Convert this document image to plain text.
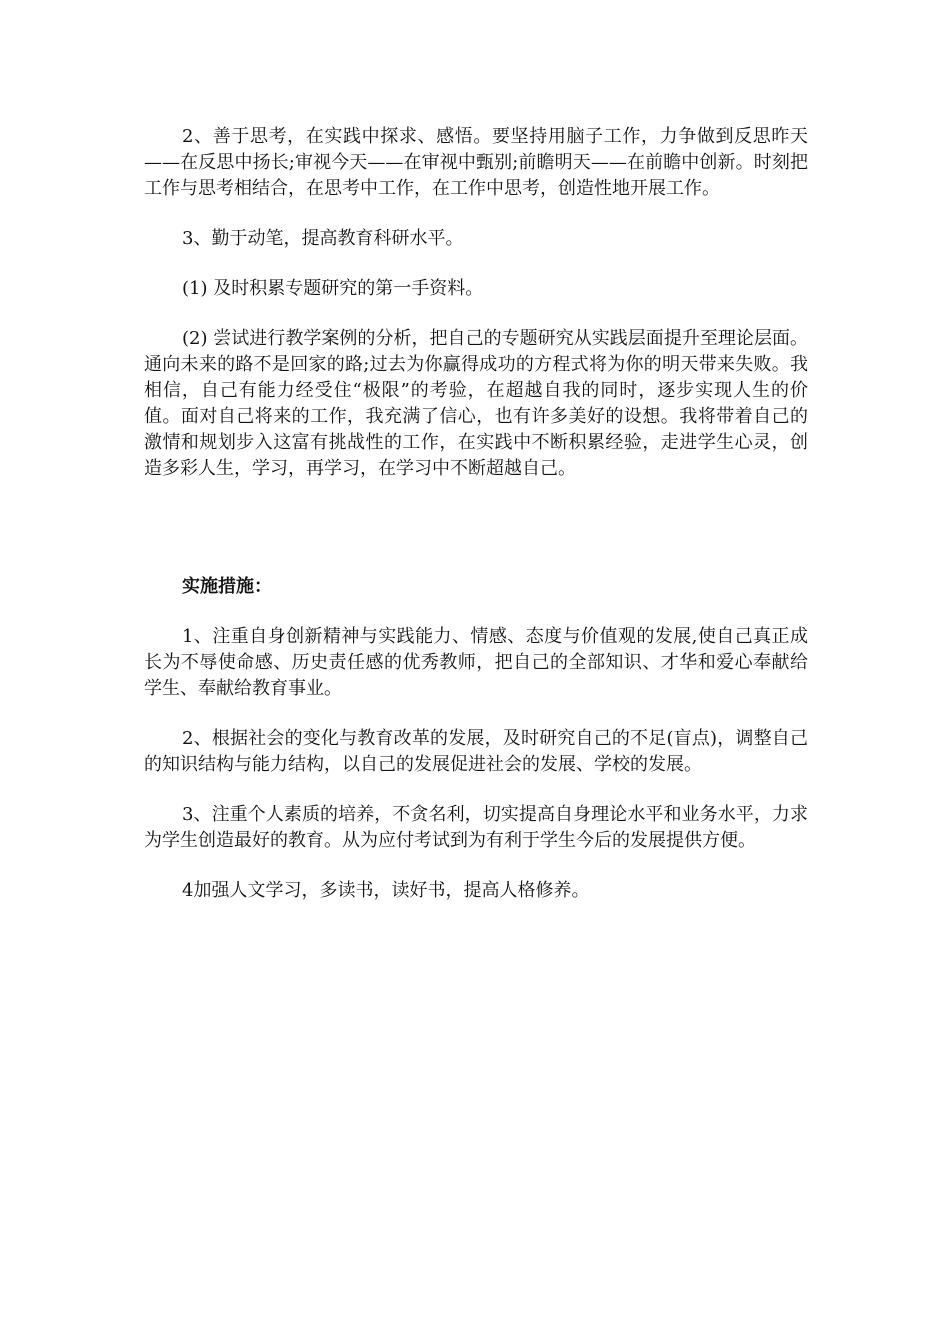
2、善于思考，在实践中探求、感悟。要坚持用脑子工作，力争做到反思昨天——在反思中扬长;审视今天——在审视中甄别;前瞻明天——在前瞻中创新。时刻把工作与思考相结合，在思考中工作，在工作中思考，创造性地开展工作。

3、勤于动笔，提高教育科研水平。

(1) 及时积累专题研究的第一手资料。

(2) 尝试进行教学案例的分析，把自己的专题研究从实践层面提升至理论层面。通向未来的路不是回家的路;过去为你赢得成功的方程式将为你的明天带来失败。我相信，自己有能力经受住“极限”的考验，在超越自我的同时，逐步实现人生的价值。面对自己将来的工作，我充满了信心，也有许多美好的设想。我将带着自己的激情和规划步入这富有挑战性的工作，在实践中不断积累经验，走进学生心灵，创造多彩人生，学习，再学习，在学习中不断超越自己。

实施措施：

1、注重自身创新精神与实践能力、情感、态度与价值观的发展,使自己真正成长为不辱使命感、历史责任感的优秀教师，把自己的全部知识、才华和爱心奉献给学生、奉献给教育事业。

2、根据社会的变化与教育改革的发展，及时研究自己的不足(盲点)，调整自己的知识结构与能力结构，以自己的发展促进社会的发展、学校的发展。

3、注重个人素质的培养，不贪名利，切实提高自身理论水平和业务水平，力求为学生创造最好的教育。从为应付考试到为有利于学生今后的发展提供方便。

4加强人文学习，多读书，读好书，提高人格修养。
